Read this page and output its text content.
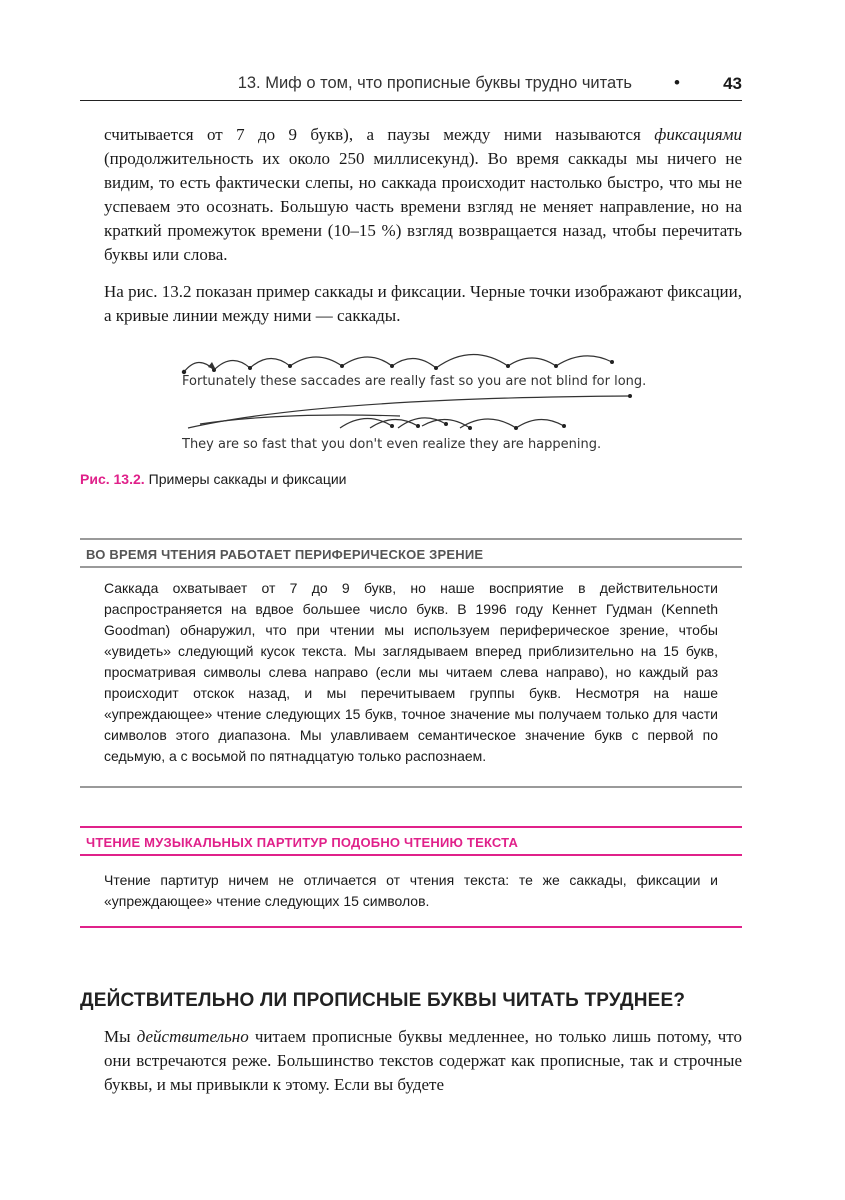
13. Миф о том, что прописные буквы трудно читать •	43

считывается от 7 до 9 букв), а паузы между ними называются фиксациями (продолжительность их около 250 миллисекунд). Во время саккады мы ничего не видим, то есть фактически слепы, но саккада происходит настолько быстро, что мы не успеваем это осознать. Большую часть времени взгляд не меняет направление, но на краткий промежуток времени (10–15 %) взгляд возвращается назад, чтобы перечитать буквы или слова.

На рис. 13.2 показан пример саккады и фиксации. Черные точки изображают фиксации, а кривые линии между ними — саккады.

Fortunately these saccades are really fast so you are not blind for long.
They are so fast that you don't even realize they are happening.
Рис. 13.2. Примеры саккады и фиксации
ВО ВРЕМЯ ЧТЕНИЯ РАБОТАЕТ ПЕРИФЕРИЧЕСКОЕ ЗРЕНИЕ
Саккада охватывает от 7 до 9 букв, но наше восприятие в действительности распространяется на вдвое большее число букв. В 1996 году Кеннет Гудман (Kenneth Goodman) обнаружил, что при чтении мы используем периферическое зрение, чтобы «увидеть» следующий кусок текста. Мы заглядываем вперед приблизительно на 15 букв, просматривая символы слева направо (если мы читаем слева направо), но каждый раз происходит отскок назад, и мы перечитываем группы букв. Несмотря на наше «упреждающее» чтение следующих 15 букв, точное значение мы получаем только для части символов этого диапазона. Мы улавливаем семантическое значение букв с первой по седьмую, а с восьмой по пятнадцатую только распознаем.
ЧТЕНИЕ МУЗЫКАЛЬНЫХ ПАРТИТУР ПОДОБНО ЧТЕНИЮ ТЕКСТА
Чтение партитур ничем не отличается от чтения текста: те же саккады, фиксации и «упреждающее» чтение следующих 15 символов.
ДЕЙСТВИТЕЛЬНО ЛИ ПРОПИСНЫЕ БУКВЫ ЧИТАТЬ ТРУДНЕЕ?

Мы действительно читаем прописные буквы медленнее, но только лишь потому, что они встречаются реже. Большинство текстов содержат как прописные, так и строчные буквы, и мы привыкли к этому. Если вы будете
